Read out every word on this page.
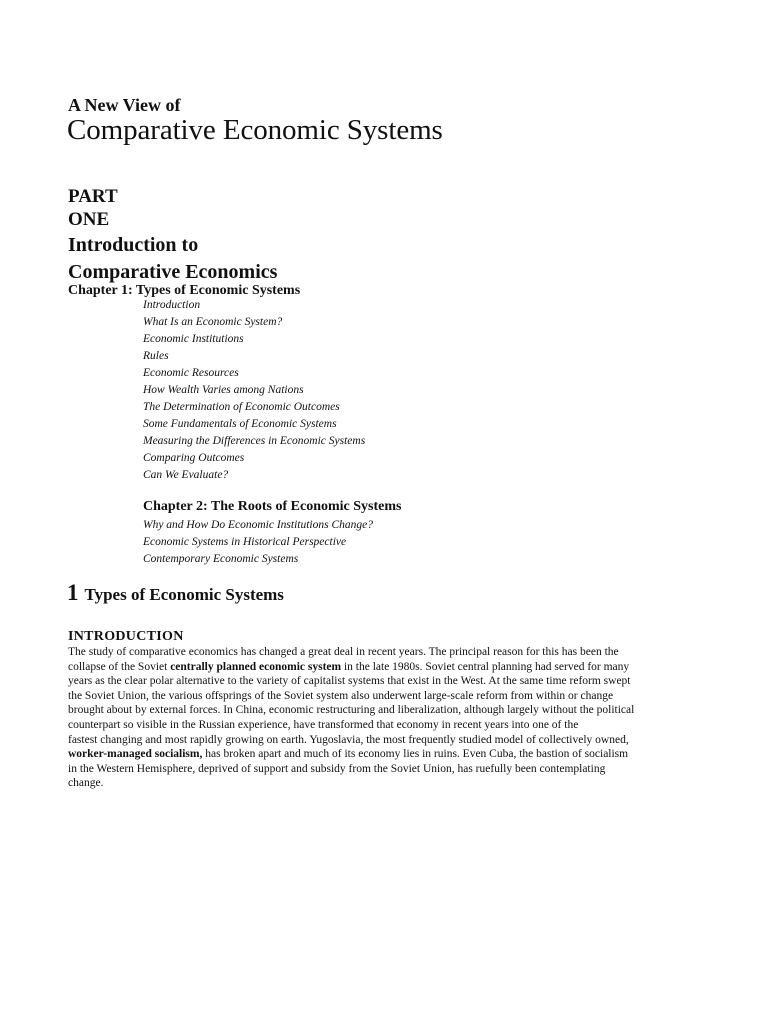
A New View of
Comparative Economic Systems
PART
ONE
Introduction to
Comparative Economics
Chapter 1: Types of Economic Systems
Introduction
What Is an Economic System?
Economic Institutions
Rules
Economic Resources
How Wealth Varies among Nations
The Determination of Economic Outcomes
Some Fundamentals of Economic Systems
Measuring the Differences in Economic Systems
Comparing Outcomes
Can We Evaluate?
Chapter 2: The Roots of Economic Systems
Why and How Do Economic Institutions Change?
Economic Systems in Historical Perspective
Contemporary Economic Systems
1 Types of Economic Systems
INTRODUCTION

The study of comparative economics has changed a great deal in recent years. The principal reason for this has been the
collapse of the Soviet centrally planned economic system in the late 1980s. Soviet central planning had served for many
years as the clear polar alternative to the variety of capitalist systems that exist in the West. At the same time reform swept
the Soviet Union, the various offsprings of the Soviet system also underwent large-scale reform from within or change
brought about by external forces. In China, economic restructuring and liberalization, although largely without the political
counterpart so visible in the Russian experience, have transformed that economy in recent years into one of the
fastest changing and most rapidly growing on earth. Yugoslavia, the most frequently studied model of collectively owned,
worker-managed socialism, has broken apart and much of its economy lies in ruins. Even Cuba, the bastion of socialism
in the Western Hemisphere, deprived of support and subsidy from the Soviet Union, has ruefully been contemplating
change.
